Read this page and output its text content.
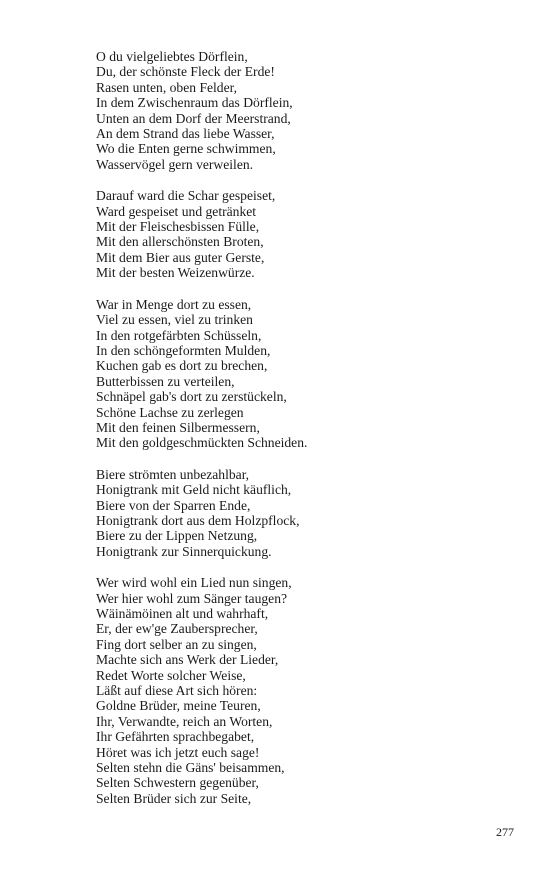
O du vielgeliebtes Dörflein,
Du, der schönste Fleck der Erde!
Rasen unten, oben Felder,
In dem Zwischenraum das Dörflein,
Unten an dem Dorf der Meerstrand,
An dem Strand das liebe Wasser,
Wo die Enten gerne schwimmen,
Wasservögel gern verweilen.
Darauf ward die Schar gespeiset,
Ward gespeiset und getränket
Mit der Fleischesbissen Fülle,
Mit den allerschönsten Broten,
Mit dem Bier aus guter Gerste,
Mit der besten Weizenwürze.
War in Menge dort zu essen,
Viel zu essen, viel zu trinken
In den rotgefärbten Schüsseln,
In den schöngeformten Mulden,
Kuchen gab es dort zu brechen,
Butterbissen zu verteilen,
Schnäpel gab's dort zu zerstückeln,
Schöne Lachse zu zerlegen
Mit den feinen Silbermessern,
Mit den goldgeschmückten Schneiden.
Biere strömten unbezahlbar,
Honigtrank mit Geld nicht käuflich,
Biere von der Sparren Ende,
Honigtrank dort aus dem Holzpflock,
Biere zu der Lippen Netzung,
Honigtrank zur Sinnerquickung.
Wer wird wohl ein Lied nun singen,
Wer hier wohl zum Sänger taugen?
Wäinämöinen alt und wahrhaft,
Er, der ew'ge Zaubersprecher,
Fing dort selber an zu singen,
Machte sich ans Werk der Lieder,
Redet Worte solcher Weise,
Läßt auf diese Art sich hören:
Goldne Brüder, meine Teuren,
Ihr, Verwandte, reich an Worten,
Ihr Gefährten sprachbegabet,
Höret was ich jetzt euch sage!
Selten stehn die Gäns' beisammen,
Selten Schwestern gegenüber,
Selten Brüder sich zur Seite,
277
